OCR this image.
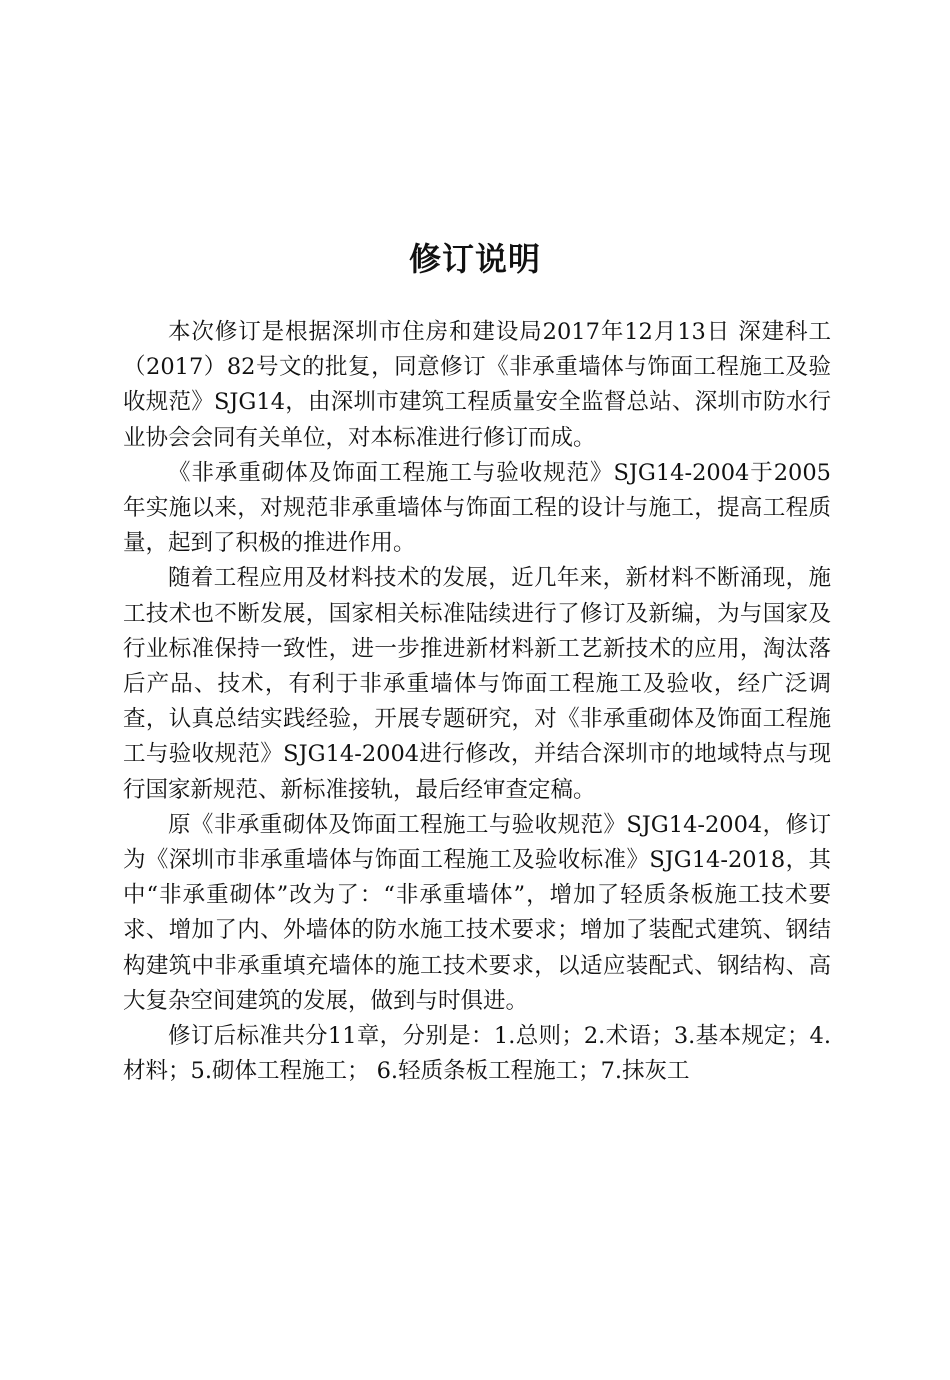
修订说明

本次修订是根据深圳市住房和建设局2017年12月13日 深建科工（2017）82号文的批复，同意修订《非承重墙体与饰面工程施工及验收规范》SJG14，由深圳市建筑工程质量安全监督总站、深圳市防水行业协会会同有关单位，对本标准进行修订而成。

《非承重砌体及饰面工程施工与验收规范》SJG14-2004于2005年实施以来，对规范非承重墙体与饰面工程的设计与施工，提高工程质量，起到了积极的推进作用。

随着工程应用及材料技术的发展，近几年来，新材料不断涌现，施工技术也不断发展，国家相关标准陆续进行了修订及新编，为与国家及行业标准保持一致性，进一步推进新材料新工艺新技术的应用，淘汰落后产品、技术，有利于非承重墙体与饰面工程施工及验收，经广泛调查，认真总结实践经验，开展专题研究，对《非承重砌体及饰面工程施工与验收规范》SJG14-2004进行修改，并结合深圳市的地域特点与现行国家新规范、新标准接轨，最后经审查定稿。

原《非承重砌体及饰面工程施工与验收规范》SJG14-2004，修订为《深圳市非承重墙体与饰面工程施工及验收标准》SJG14-2018，其中“非承重砌体”改为了：“非承重墙体”，增加了轻质条板施工技术要求、增加了内、外墙体的防水施工技术要求；增加了装配式建筑、钢结构建筑中非承重填充墙体的施工技术要求，以适应装配式、钢结构、高大复杂空间建筑的发展，做到与时俱进。

修订后标准共分11章，分别是：1.总则；2.术语；3.基本规定；4.材料；5.砌体工程施工； 6.轻质条板工程施工；7.抹灰工
